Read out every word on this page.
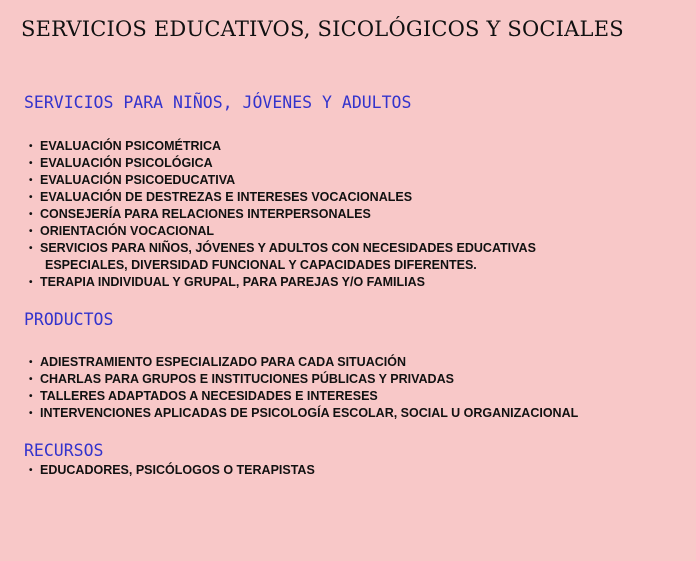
SERVICIOS EDUCATIVOS, SICOLÓGICOS Y SOCIALES
SERVICIOS PARA NIÑOS, JÓVENES Y ADULTOS
• EVALUACIÓN PSICOMÉTRICA
• EVALUACIÓN PSICOLÓGICA
• EVALUACIÓN PSICOEDUCATIVA
• EVALUACIÓN DE DESTREZAS E INTERESES VOCACIONALES
• CONSEJERÍA PARA RELACIONES INTERPERSONALES
• ORIENTACIÓN VOCACIONAL
• SERVICIOS PARA NIÑOS, JÓVENES Y ADULTOS CON NECESIDADES EDUCATIVAS
ESPECIALES, DIVERSIDAD FUNCIONAL Y CAPACIDADES DIFERENTES.
• TERAPIA INDIVIDUAL Y GRUPAL, PARA PAREJAS Y/O FAMILIAS
PRODUCTOS
• ADIESTRAMIENTO ESPECIALIZADO PARA CADA SITUACIÓN
• CHARLAS PARA GRUPOS E INSTITUCIONES PÚBLICAS Y PRIVADAS
• TALLERES ADAPTADOS A NECESIDADES E INTERESES
• INTERVENCIONES APLICADAS DE PSICOLOGÍA ESCOLAR, SOCIAL U ORGANIZACIONAL
RECURSOS
• EDUCADORES, PSICÓLOGOS O TERAPISTAS
